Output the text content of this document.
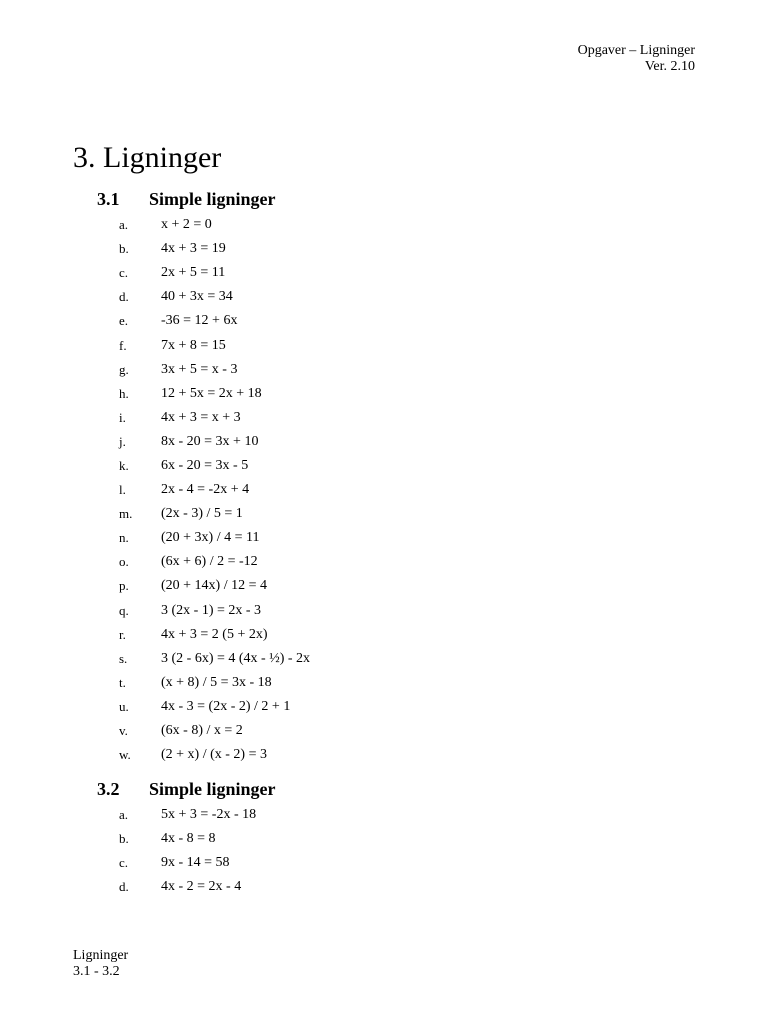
Opgaver – Ligninger
Ver. 2.10
3. Ligninger
3.1	Simple ligninger
a.	x + 2 = 0
b.	4x + 3 = 19
c.	2x + 5 = 11
d.	40 + 3x = 34
e.	-36 = 12 + 6x
f.	7x + 8 = 15
g.	3x + 5 = x - 3
h.	12 + 5x = 2x + 18
i.	4x + 3 = x + 3
j.	8x - 20 = 3x + 10
k.	6x - 20 = 3x - 5
l.	2x - 4 = -2x + 4
m.	(2x - 3) / 5 = 1
n.	(20 + 3x) / 4 = 11
o.	(6x + 6) / 2 = -12
p.	(20 + 14x) / 12 = 4
q.	3 (2x - 1) = 2x - 3
r.	4x + 3 = 2 (5 + 2x)
s.	3 (2 - 6x) = 4 (4x - ½) - 2x
t.	(x + 8) / 5 = 3x - 18
u.	4x - 3 = (2x - 2) / 2 + 1
v.	(6x - 8) / x = 2
w.	(2 + x) / (x - 2) = 3
3.2	Simple ligninger
a.	5x + 3 = -2x - 18
b.	4x - 8 = 8
c.	9x - 14 = 58
d.	4x - 2 = 2x - 4
Ligninger
3.1 - 3.2
